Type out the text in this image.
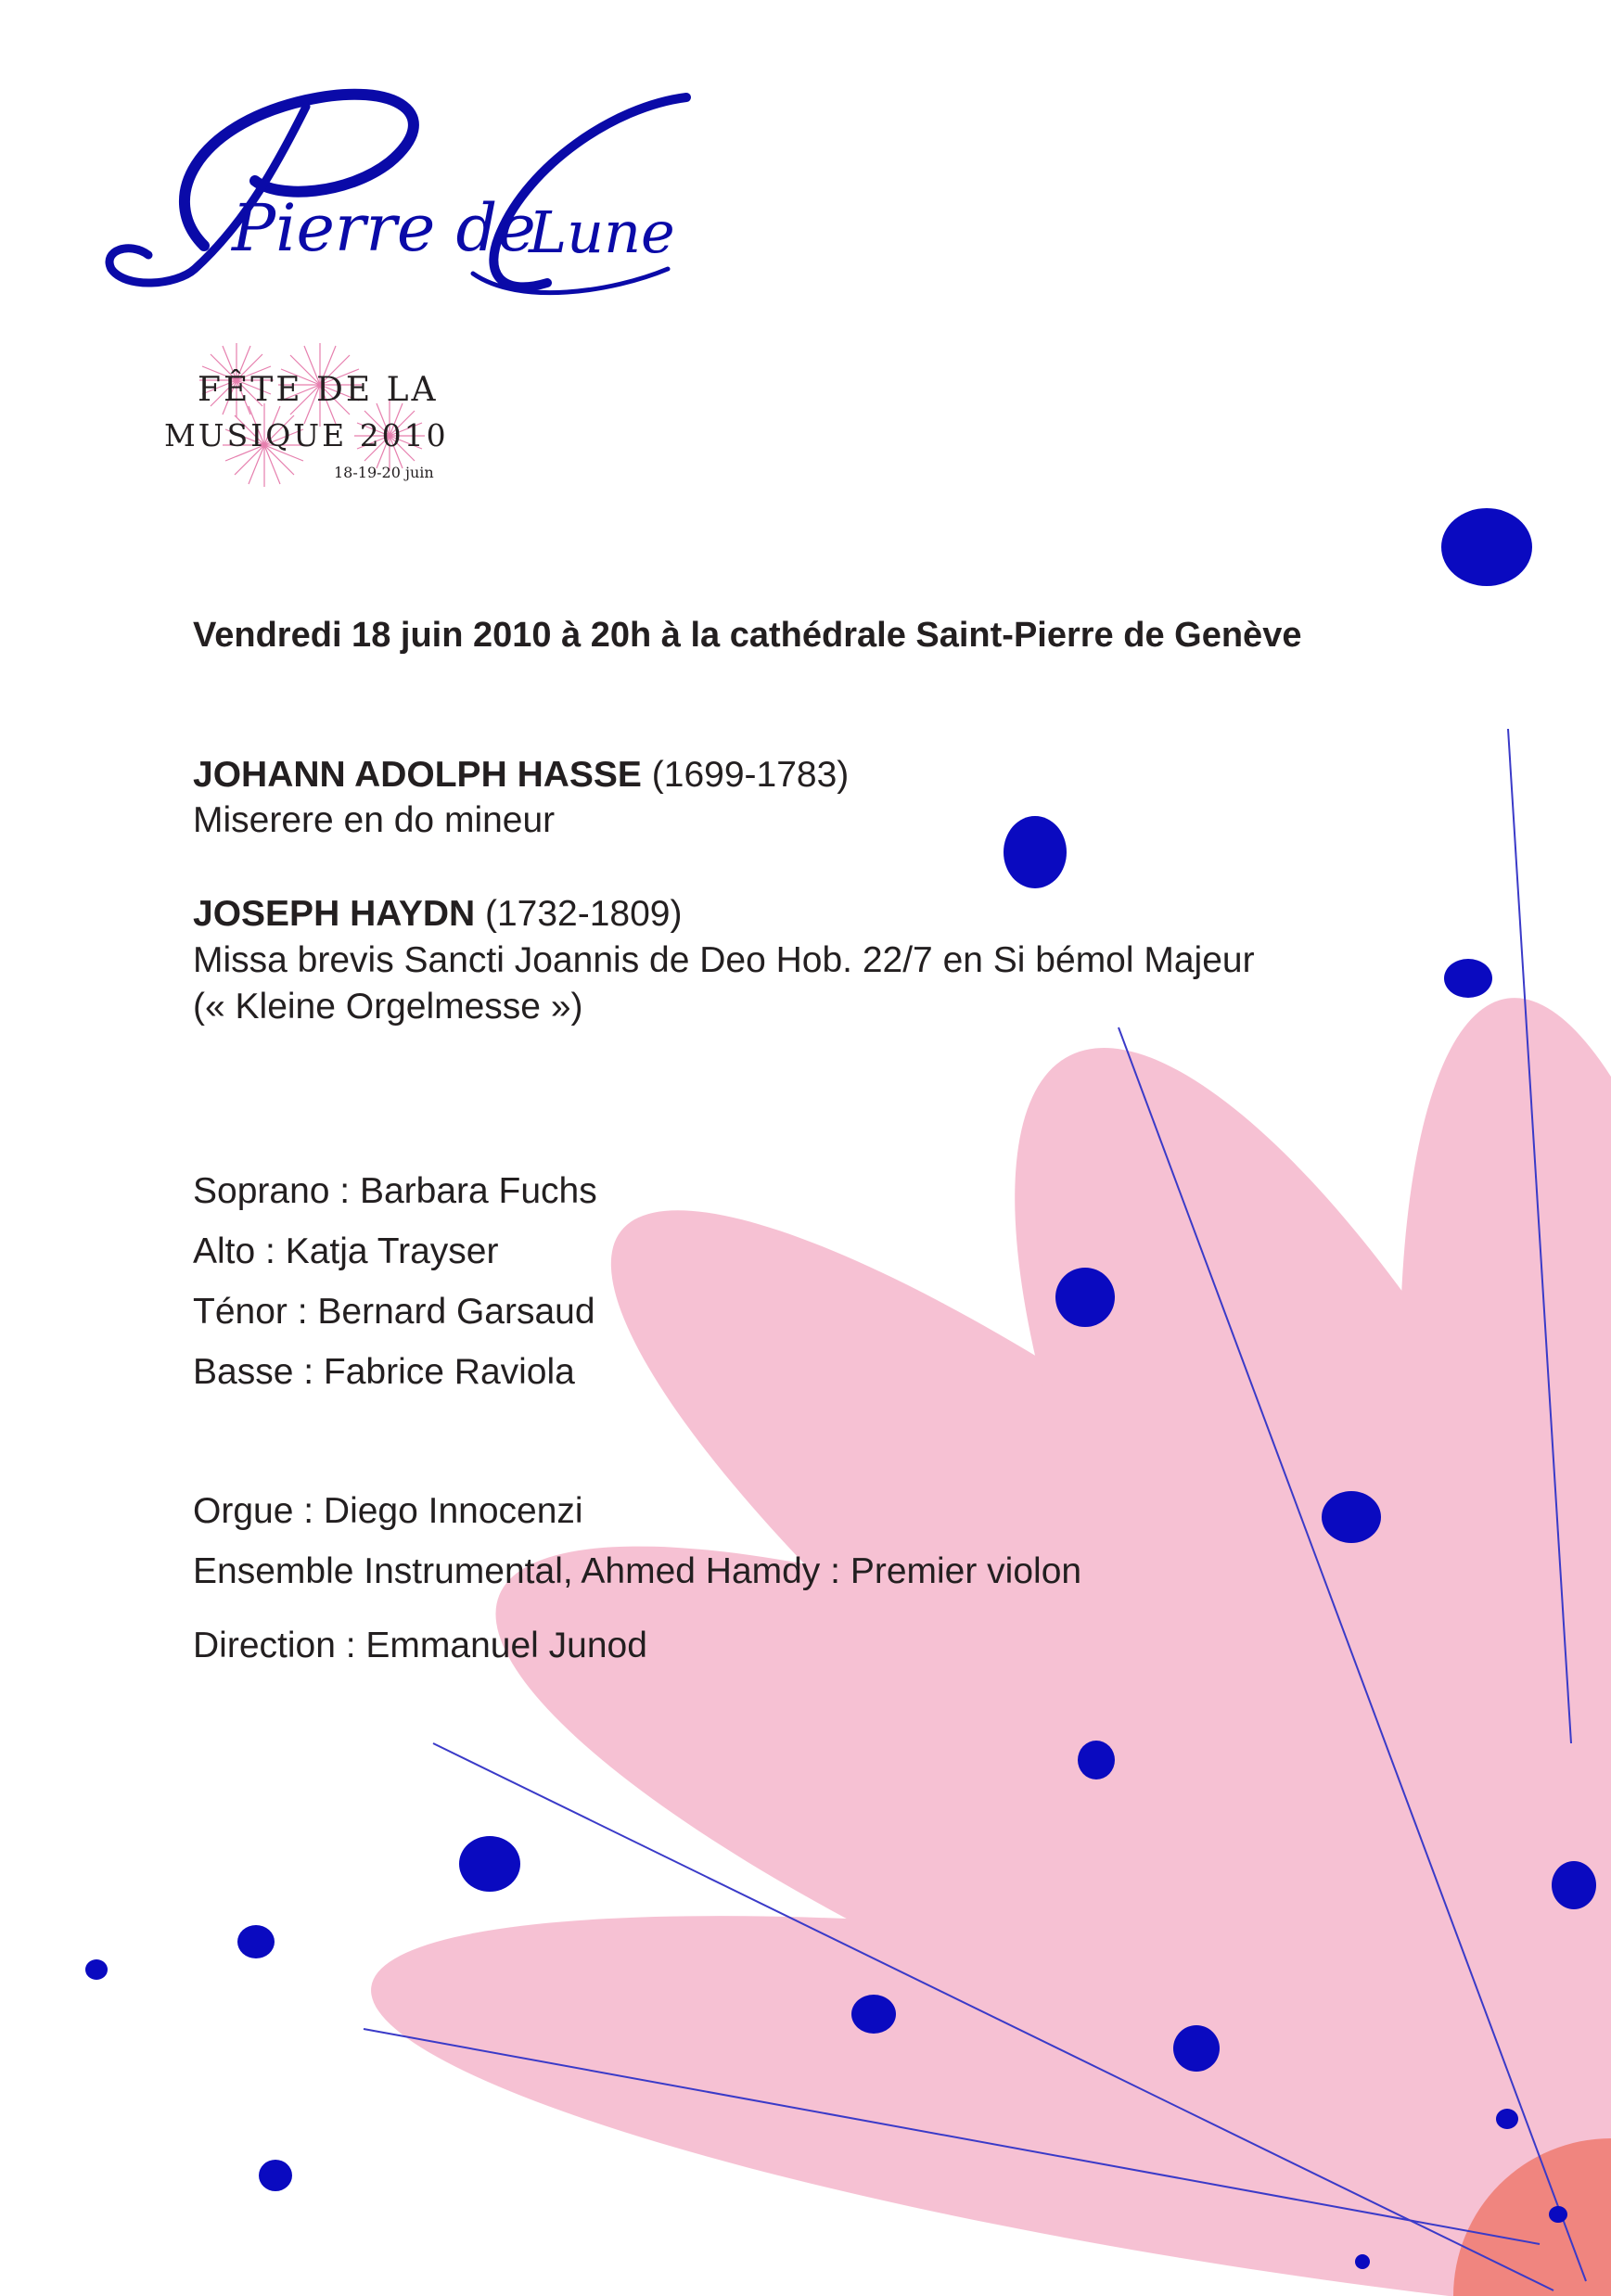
Pierre de
Lune
FÊTE DE LA
MUSIQUE 2010
18-19-20 juin
Vendredi 18 juin 2010 à 20h à la cathédrale Saint-Pierre de Genève
JOHANN ADOLPH HASSE (1699-1783)
Miserere en do mineur
JOSEPH HAYDN (1732-1809)
Missa brevis Sancti Joannis de Deo Hob. 22/7 en Si bémol Majeur
(« Kleine Orgelmesse »)
Soprano : Barbara Fuchs
Alto : Katja Trayser
Ténor : Bernard Garsaud
Basse : Fabrice Raviola
Orgue : Diego Innocenzi
Ensemble Instrumental, Ahmed Hamdy : Premier violon
Direction : Emmanuel Junod
